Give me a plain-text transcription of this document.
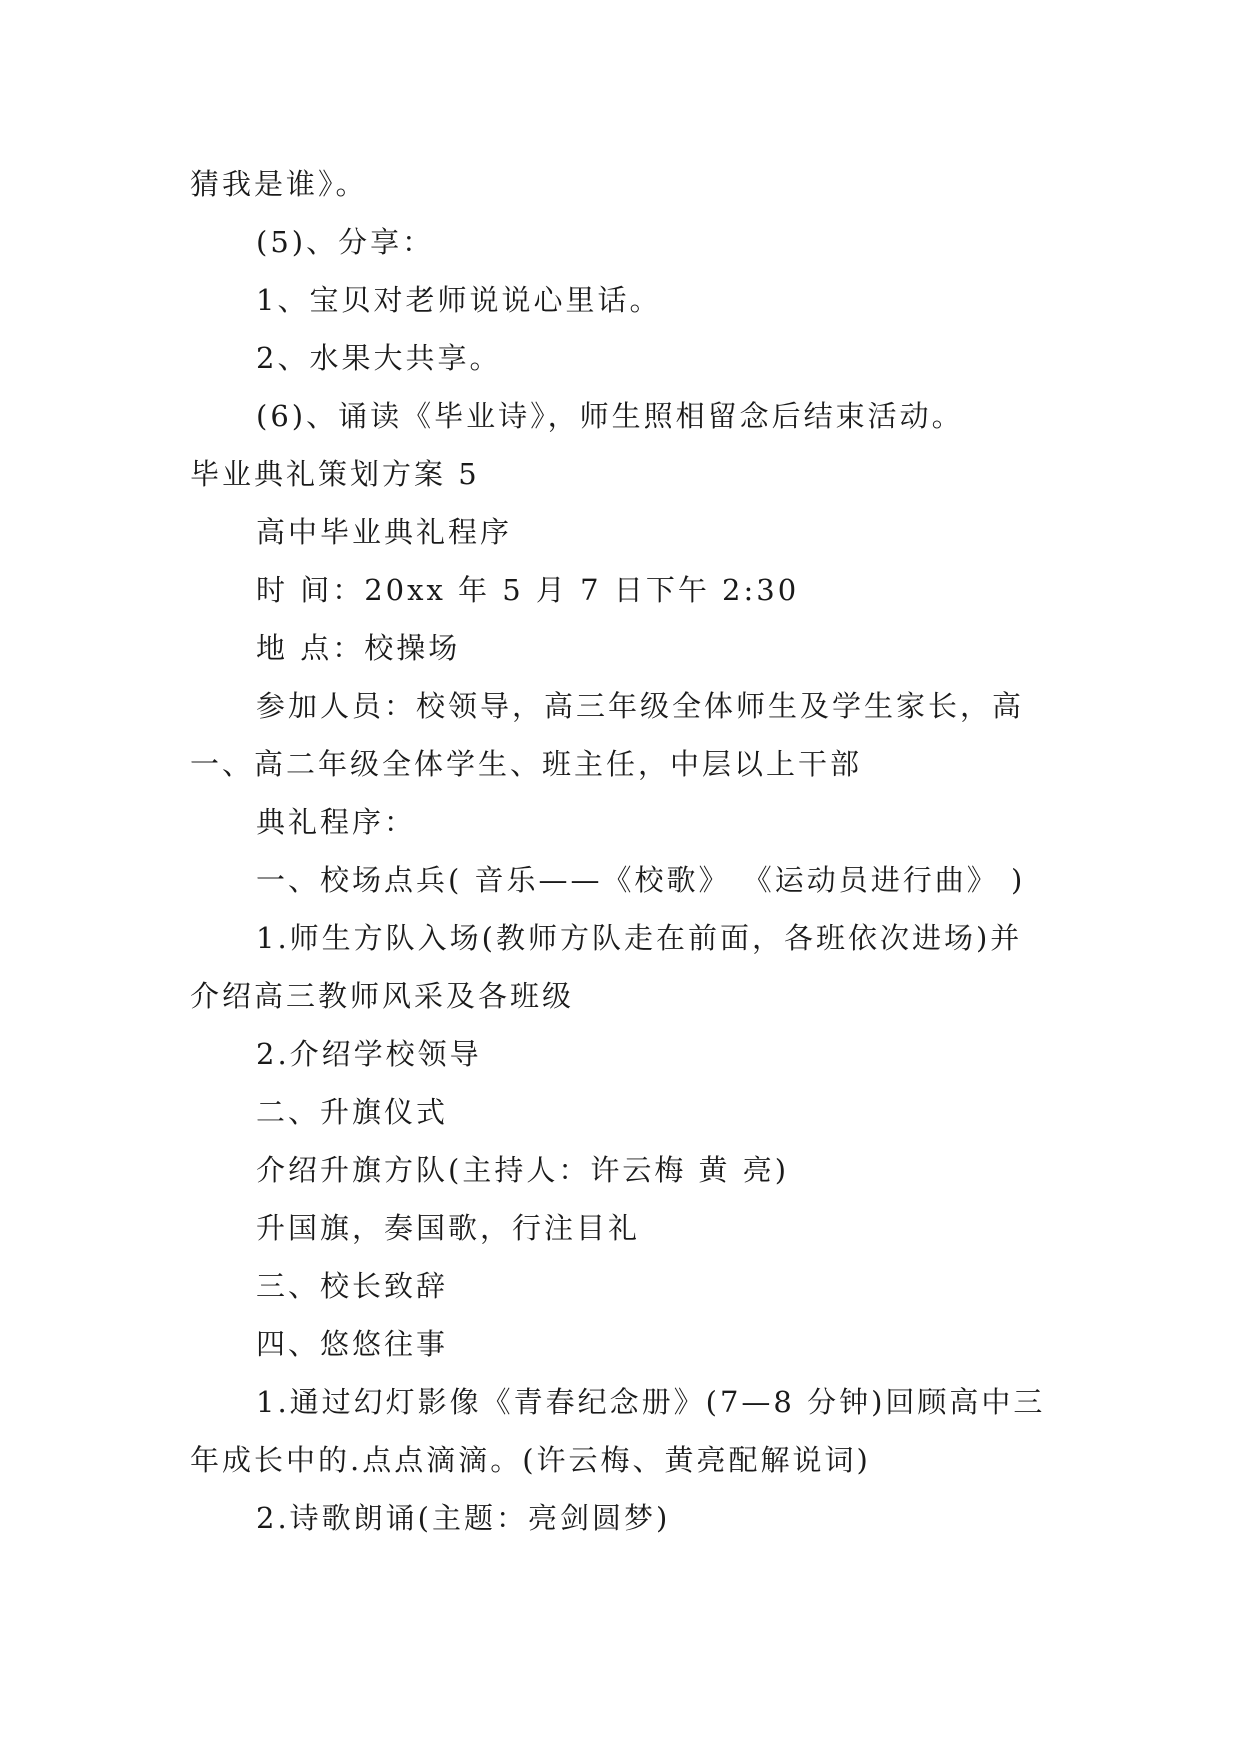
猜我是谁》。
(5)、分享：
1、宝贝对老师说说心里话。
2、水果大共享。
(6)、诵读《毕业诗》，师生照相留念后结束活动。
毕业典礼策划方案 5
高中毕业典礼程序
时 间：20xx 年 5 月 7 日下午 2:30
地 点：校操场
参加人员：校领导，高三年级全体师生及学生家长，高
一、高二年级全体学生、班主任，中层以上干部
典礼程序：
一、校场点兵( 音乐——《校歌》 《运动员进行曲》 )
1.师生方队入场(教师方队走在前面，各班依次进场)并
介绍高三教师风采及各班级
2.介绍学校领导
二、升旗仪式
介绍升旗方队(主持人：许云梅 黄 亮)
升国旗，奏国歌，行注目礼
三、校长致辞
四、悠悠往事
1.通过幻灯影像《青春纪念册》(7—8 分钟)回顾高中三
年成长中的.点点滴滴。(许云梅、黄亮配解说词)
2.诗歌朗诵(主题：亮剑圆梦)
